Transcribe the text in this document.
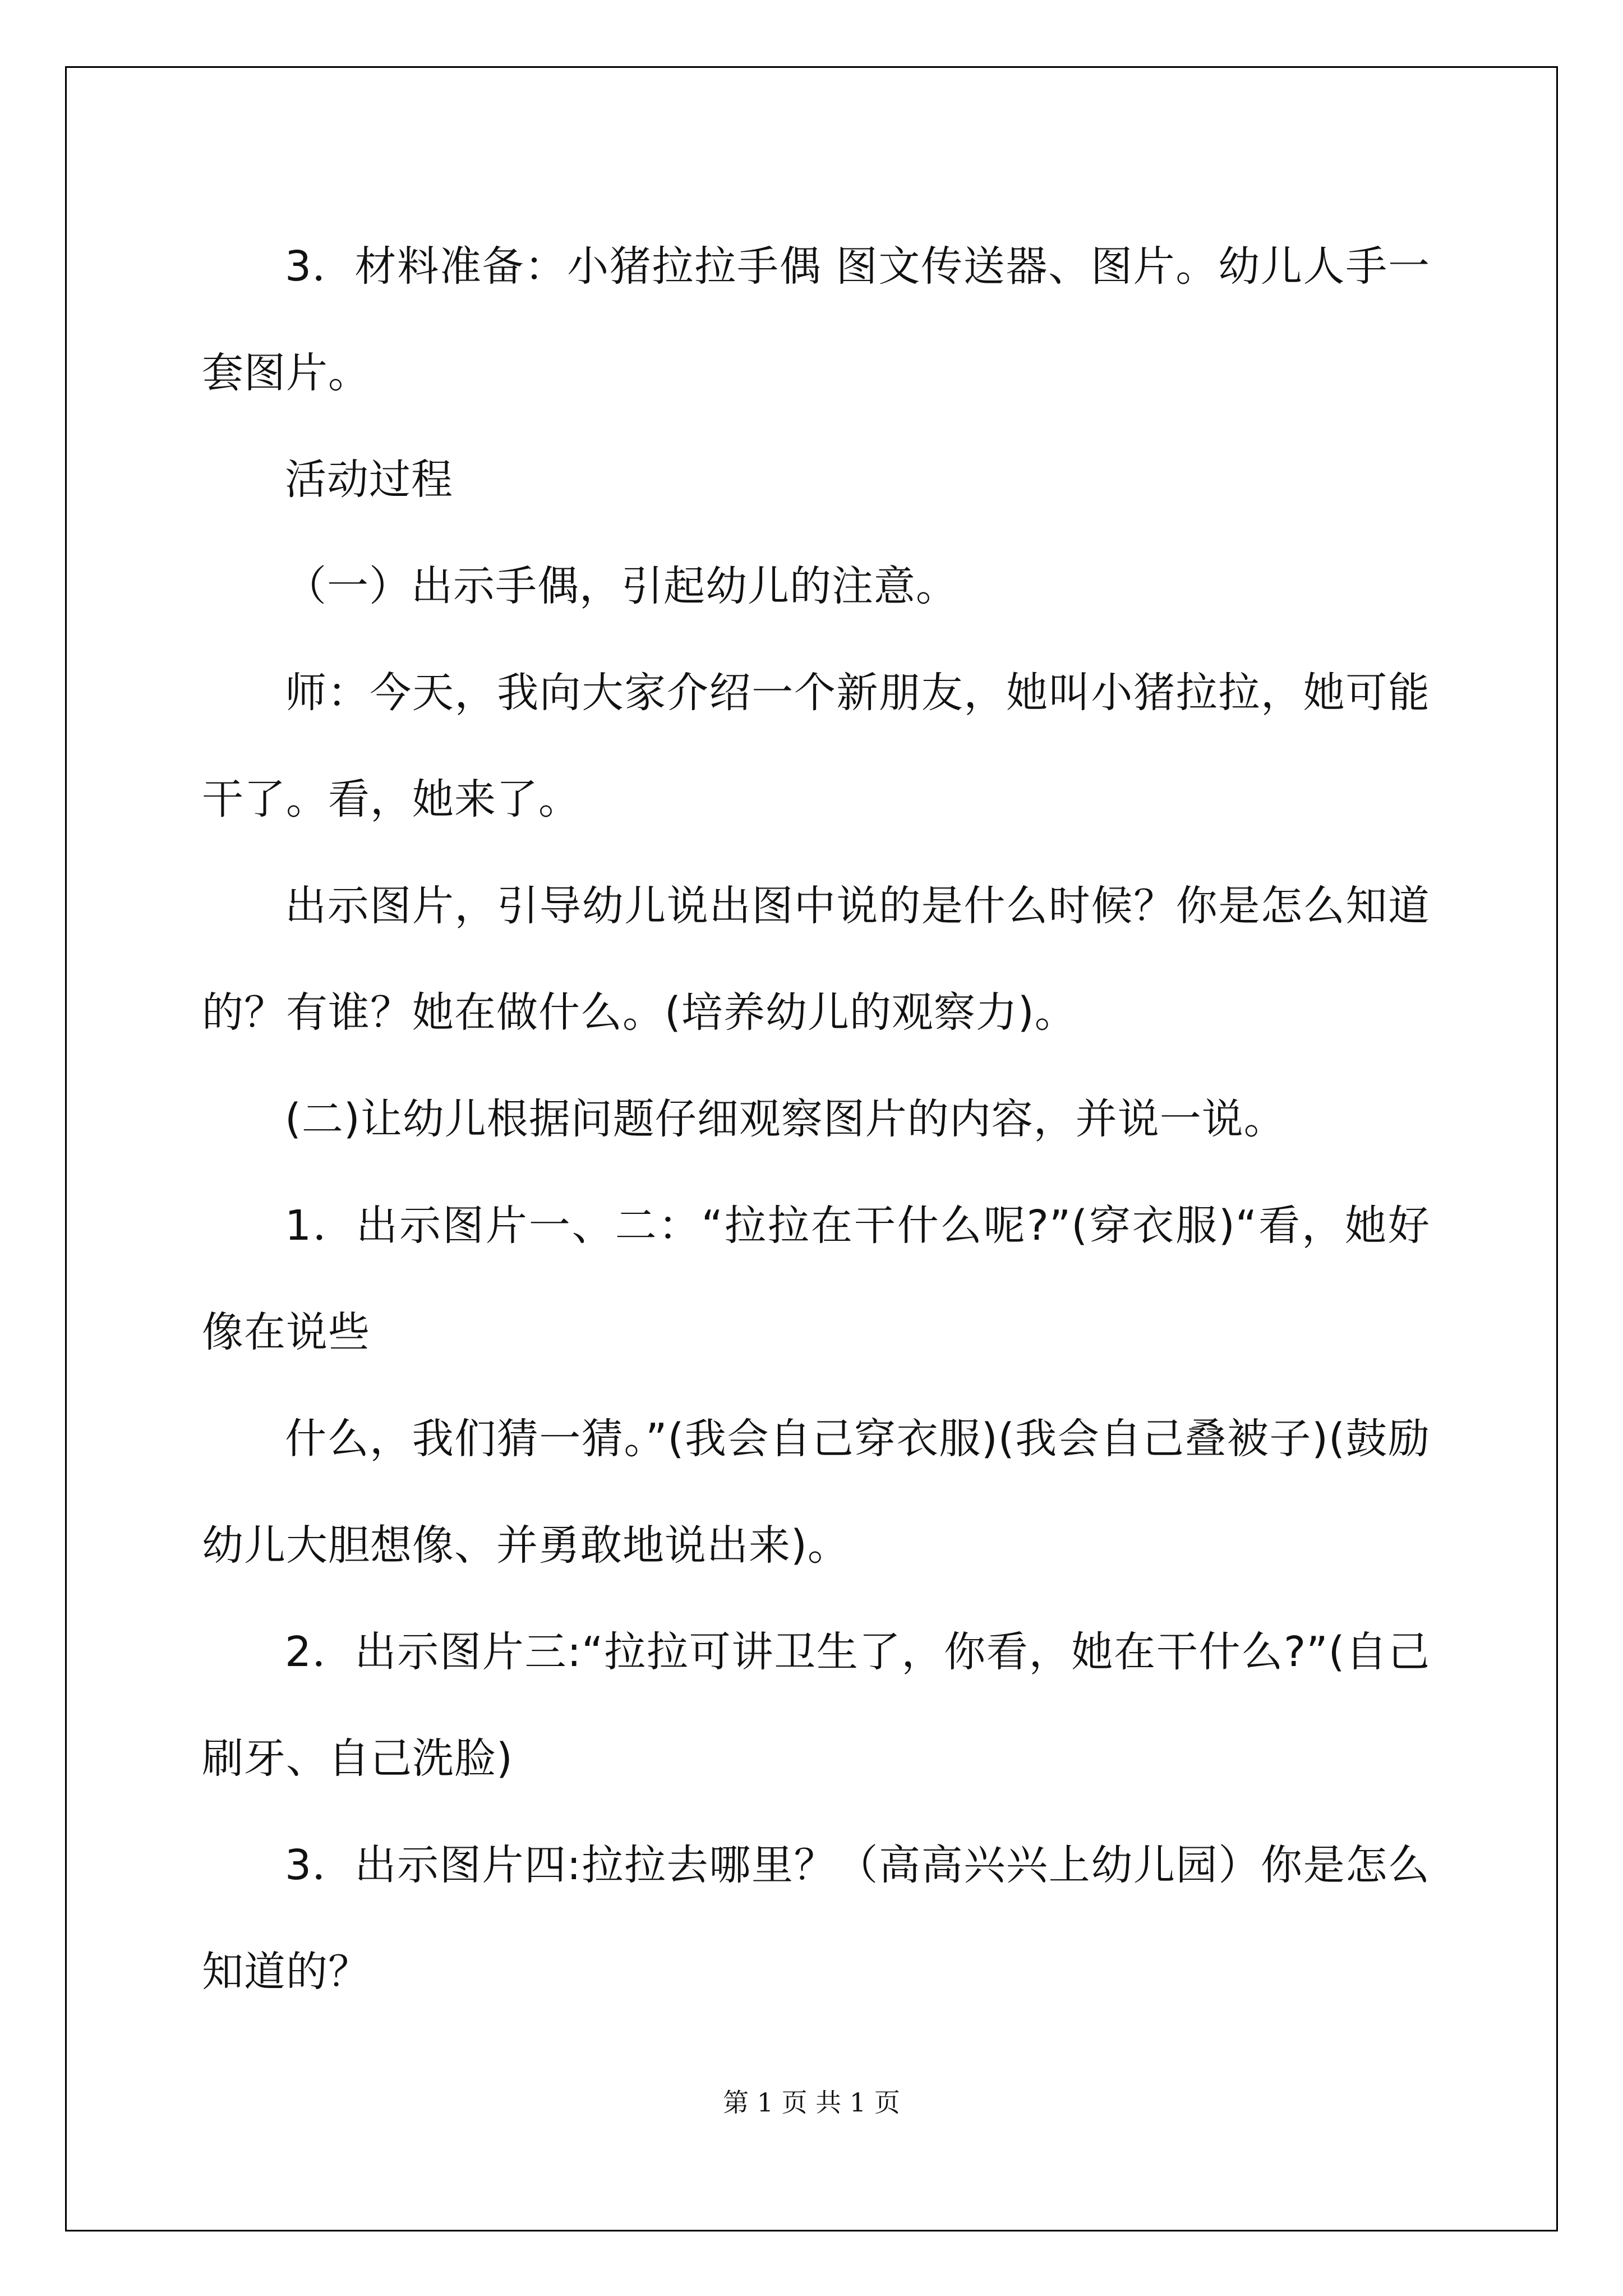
3．材料准备：小猪拉拉手偶 图文传送器、图片。幼儿人手一套图片。

活动过程

（一）出示手偶，引起幼儿的注意。

师：今天，我向大家介绍一个新朋友，她叫小猪拉拉，她可能干了。看，她来了。

出示图片，引导幼儿说出图中说的是什么时候？你是怎么知道的？有谁？她在做什么。(培养幼儿的观察力)。

(二)让幼儿根据问题仔细观察图片的内容，并说一说。

1．出示图片一、二：“拉拉在干什么呢?”(穿衣服)“看，她好像在说些

什么，我们猜一猜。”(我会自己穿衣服)(我会自己叠被子)(鼓励幼儿大胆想像、并勇敢地说出来)。

2．出示图片三:“拉拉可讲卫生了，你看，她在干什么?”(自己刷牙、自己洗脸)

3．出示图片四:拉拉去哪里？（高高兴兴上幼儿园）你是怎么知道的？

第 1 页 共 1 页
